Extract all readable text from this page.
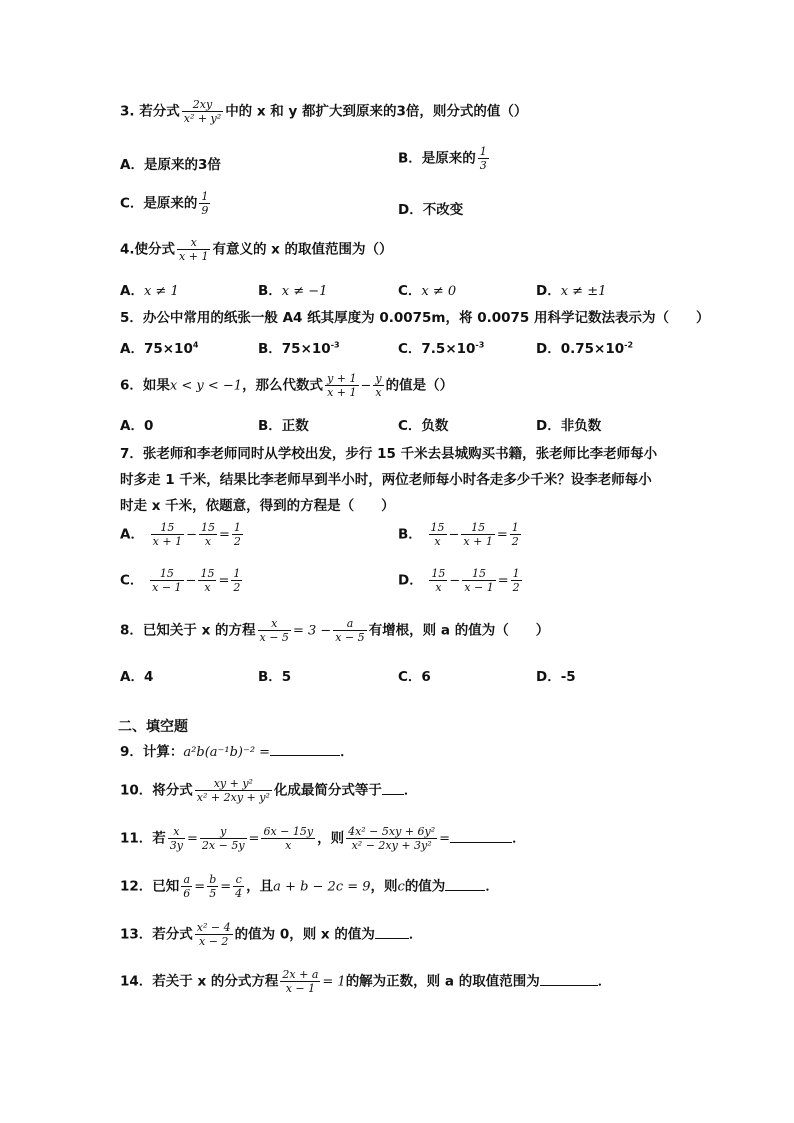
3. 若分式 $\frac{2xy}{\text{x² + y²}}$ 中的 x 和 y 都扩大到原来的3倍，则分式的值（）
A．是原来的3倍	B．是原来的 $\frac{1}{3}$
C．是原来的 $\frac{1}{9}$	D．不改变
4.使分式 $\frac{x}{x + 1}$ 有意义的 x 的取值范围为（）
A．x ≠ 1	B．x ≠ −1	C．x ≠ 0	D．x ≠ ±1
5．办公中常用的纸张一般 A4 纸其厚度为 0.0075m，将 0.0075 用科学记数法表示为（　　）
A．$75\times 10^4$	B．$75\times 10^{-3}$	C．$7.5\times 10^{-3}$	D．$0.75\times 10^{-2}$
6．如果x < y < −1，那么代数式 $\frac{y + 1}{x + 1} - \frac{y}{x}$ 的值是（）
A．0	B．正数	C．负数	D．非负数
7．张老师和李老师同时从学校出发，步行 15 千米去县城购买书籍，张老师比李老师每小
时多走 1 千米，结果比李老师早到半小时，两位老师每小时各走多少千米？设李老师每小
时走 x 千米，依题意，得到的方程是（　　）
A． $\frac{15}{x + 1} - \frac{15}{x} = \frac{1}{2}$	B． $\frac{15}{x} - \frac{15}{x + 1} = \frac{1}{2}$
C． $\frac{15}{x - 1} - \frac{15}{x} = \frac{1}{2}$	D． $\frac{15}{x} - \frac{15}{x - 1} = \frac{1}{2}$
8．已知关于 x 的方程 $\frac{x}{x - 5} = 3 - \frac{a}{x - 5}$ 有增根，则 a 的值为（　　）
A．4	B．5	C．6	D．-5
二、填空题
9．计算：a²b(a⁻¹b)⁻² =	．
10．将分式 $\frac{\text{xy + y²}}{\text{x² + 2xy + y²}}$ 化成最简分式等于 ．
11．若 $\frac{x}{3y} = \frac{y}{2x - 5y} = \frac{6x - 15y}{x}$ ，则 $\frac{\text{4x² − 5xy + 6y²}}{\text{x² − 2xy + 3y²}}$ =	．
12．已知 $\frac{a}{6} = \frac{b}{5} = \frac{c}{4}$ ，且a + b − 2c = 9，则c的值为	．
13．若分式 $\frac{\text{x² − 4}}{x - 2}$ 的值为 0，则 x 的值为	．
14．若关于 x 的分式方程 $\frac{2x + a}{x - 1} = 1$的解为正数，则 a 的取值范围为	．
